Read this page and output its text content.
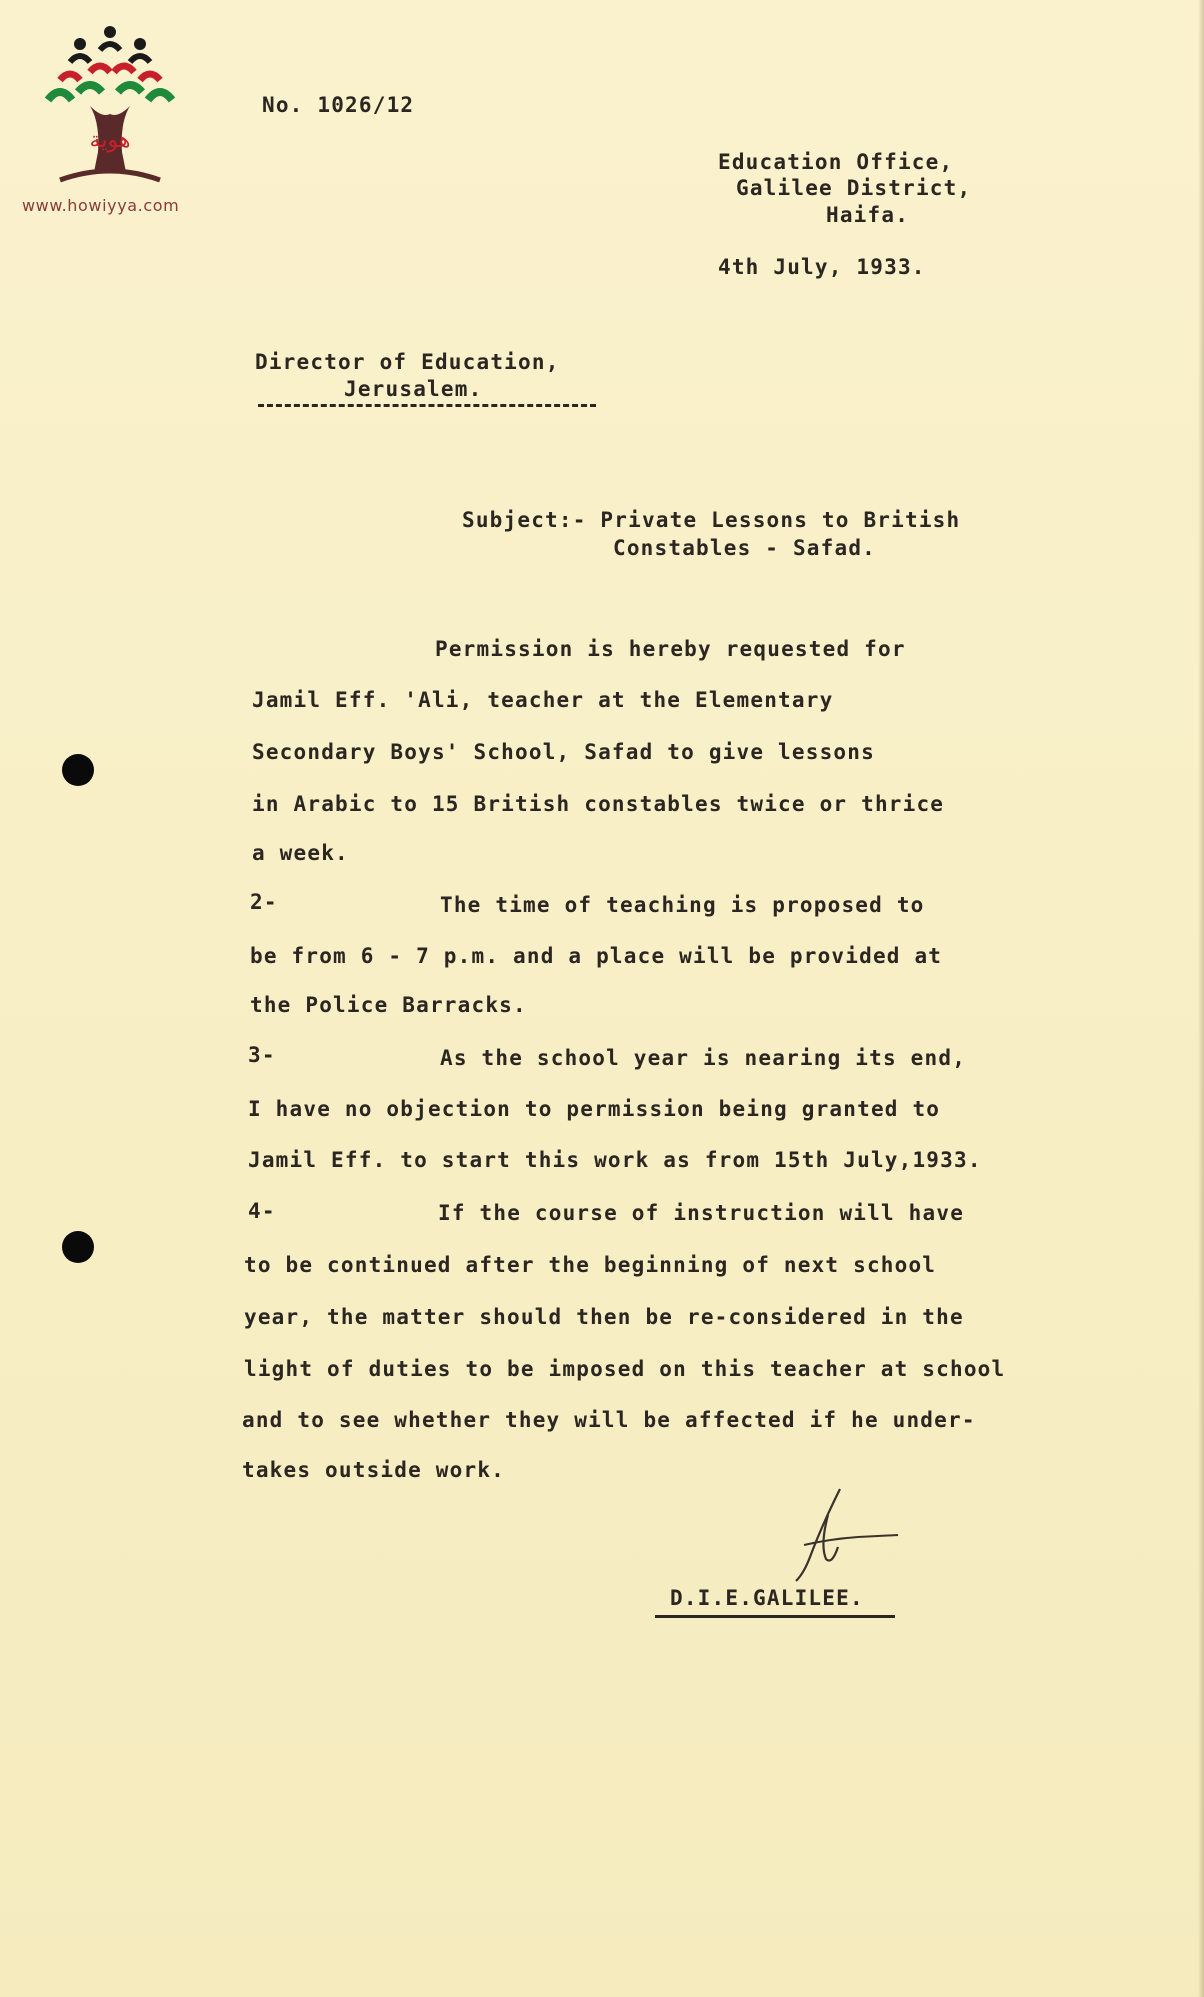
هوية
www.howiyya.com
No. 1026/12
Education Office,
Galilee District,
Haifa.
4th July, 1933.
Director of Education,
Jerusalem.
Subject:- Private Lessons to British
Constables - Safad.
Permission is hereby requested for
Jamil Eff. 'Ali, teacher at the Elementary
Secondary Boys' School, Safad to give lessons
in Arabic to 15 British constables twice or thrice
a week.
2-	The time of teaching is proposed to
be from 6 - 7 p.m. and a place will be provided at
the Police Barracks.
3-	As the school year is nearing its end,
I have no objection to permission being granted to
Jamil Eff. to start this work as from 15th July,1933.
4-	If the course of instruction will have
to be continued after the beginning of next school
year, the matter should then be re-considered in the
light of duties to be imposed on this teacher at school
and to see whether they will be affected if he under-
takes outside work.
D.I.E.GALILEE.
